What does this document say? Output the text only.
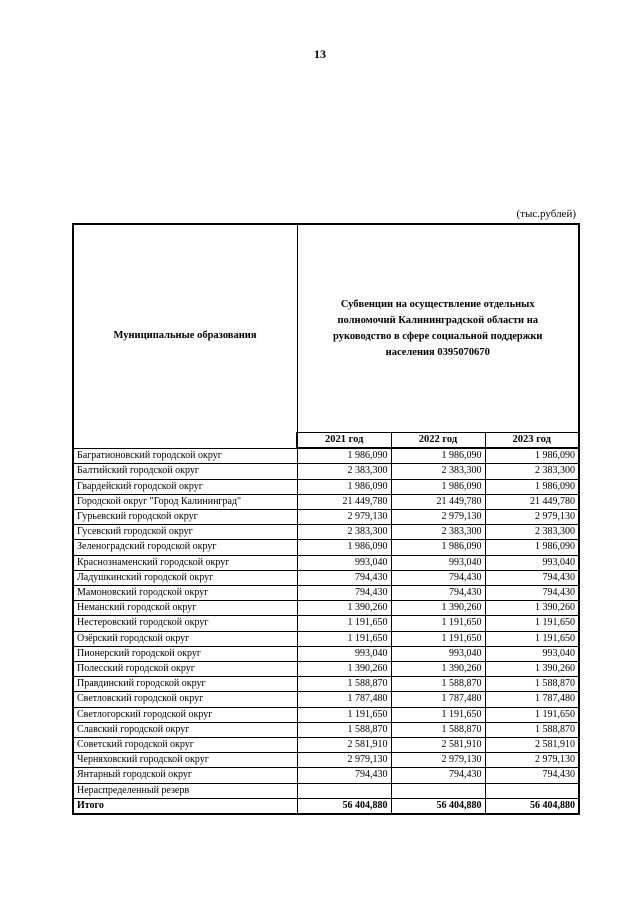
13
(тыс.рублей)
Муниципальные образования	Субвенции на осуществление отдельных полномочий Калининградской области на руководство в сфере социальной поддержки населения 0395070670		
	2021 год	2022 год	2023 год
Багратионовский городской округ	1 986,090	1 986,090	1 986,090
Балтийский городской округ	2 383,300	2 383,300	2 383,300
Гвардейский городской округ	1 986,090	1 986,090	1 986,090
Городской округ "Город Калининград"	21 449,780	21 449,780	21 449,780
Гурьевский городской округ	2 979,130	2 979,130	2 979,130
Гусевский городской округ	2 383,300	2 383,300	2 383,300
Зеленоградский городской округ	1 986,090	1 986,090	1 986,090
Краснознаменский городской округ	993,040	993,040	993,040
Ладушкинский городской округ	794,430	794,430	794,430
Мамоновский городской округ	794,430	794,430	794,430
Неманский городской округ	1 390,260	1 390,260	1 390,260
Нестеровский городской округ	1 191,650	1 191,650	1 191,650
Озёрский городской округ	1 191,650	1 191,650	1 191,650
Пионерский городской округ	993,040	993,040	993,040
Полесский городской округ	1 390,260	1 390,260	1 390,260
Правдинский городской округ	1 588,870	1 588,870	1 588,870
Светловский городской округ	1 787,480	1 787,480	1 787,480
Светлогорский городской округ	1 191,650	1 191,650	1 191,650
Славский городской округ	1 588,870	1 588,870	1 588,870
Советский городской округ	2 581,910	2 581,910	2 581,910
Черняховский городской округ	2 979,130	2 979,130	2 979,130
Янтарный городской округ	794,430	794,430	794,430
Нераспределенный резерв			
Итого	56 404,880	56 404,880	56 404,880
